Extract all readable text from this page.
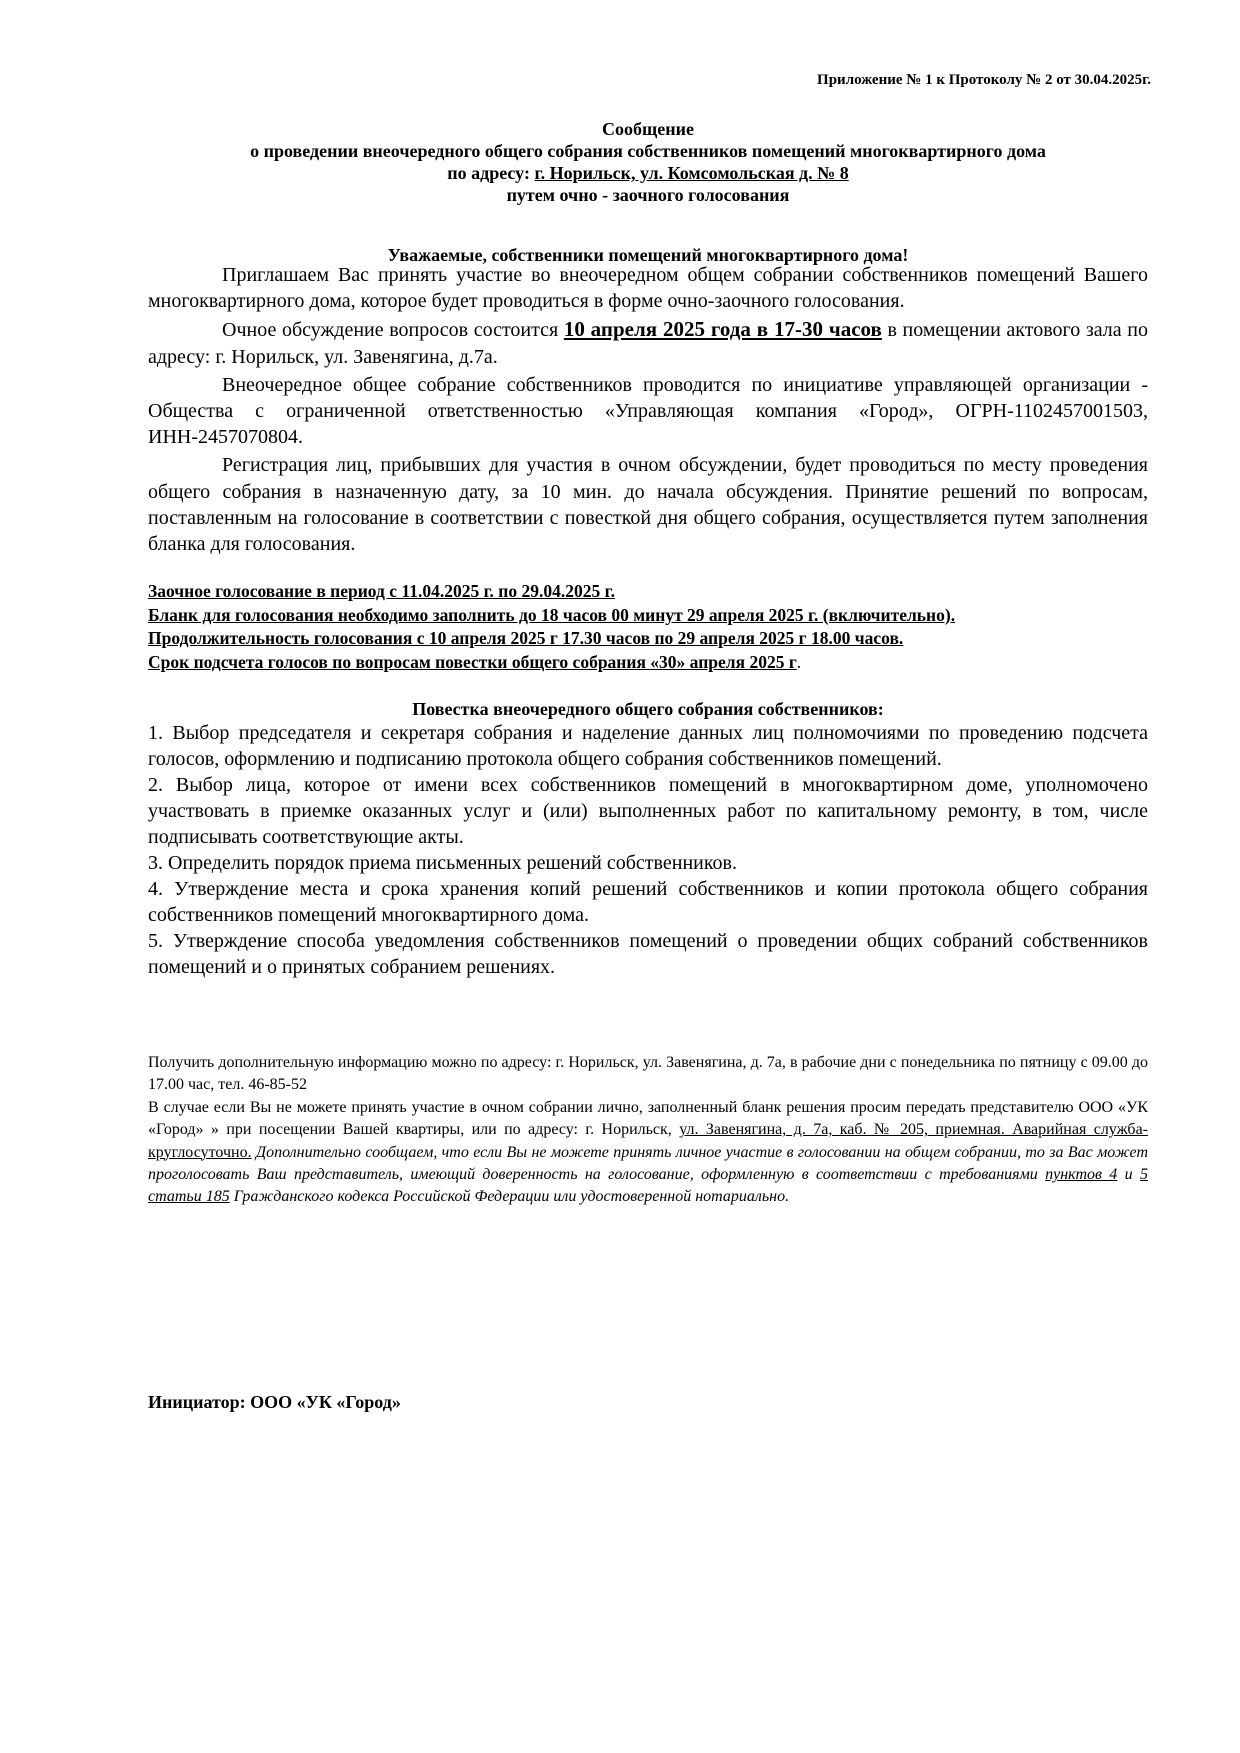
Приложение № 1 к Протоколу № 2 от 30.04.2025г.
Сообщение
о проведении внеочередного общего собрания собственников помещений многоквартирного дома
по адресу: г. Норильск, ул. Комсомольская д. № 8
путем очно - заочного голосования
Уважаемые, собственники помещений многоквартирного дома!

Приглашаем Вас принять участие во внеочередном общем собрании собственников помещений Вашего многоквартирного дома, которое будет проводиться в форме очно-заочного голосования.

Очное обсуждение вопросов состоится 10 апреля 2025 года в 17-30 часов в помещении актового зала по адресу: г. Норильск, ул. Завенягина, д.7а.

Внеочередное общее собрание собственников проводится по инициативе управляющей организации - Общества с ограниченной ответственностью «Управляющая компания «Город», ОГРН-1102457001503, ИНН-2457070804.

Регистрация лиц, прибывших для участия в очном обсуждении, будет проводиться по месту проведения общего собрания в назначенную дату, за 10 мин. до начала обсуждения. Принятие решений по вопросам, поставленным на голосование в соответствии с повесткой дня общего собрания, осуществляется путем заполнения бланка для голосования.

Заочное голосование в период с 11.04.2025 г. по 29.04.2025 г.
Бланк для голосования необходимо заполнить до 18 часов 00 минут 29 апреля 2025 г. (включительно).
Продолжительность голосования с 10 апреля 2025 г 17.30 часов по 29 апреля 2025 г 18.00 часов.
Срок подсчета голосов по вопросам повестки общего собрания «30» апреля 2025 г.
Повестка внеочередного общего собрания собственников:

1. Выбор председателя и секретаря собрания и наделение данных лиц полномочиями по проведению подсчета голосов, оформлению и подписанию протокола общего собрания собственников помещений.

2. Выбор лица, которое от имени всех собственников помещений в многоквартирном доме, уполномочено участвовать в приемке оказанных услуг и (или) выполненных работ по капитальному ремонту, в том, числе подписывать соответствующие акты.

3. Определить порядок приема письменных решений собственников.

4. Утверждение места и срока хранения копий решений собственников и копии протокола общего собрания собственников помещений многоквартирного дома.

5. Утверждение способа уведомления собственников помещений о проведении общих собраний собственников помещений и о принятых собранием решениях.

Получить дополнительную информацию можно по адресу: г. Норильск, ул. Завенягина, д. 7а, в рабочие дни с понедельника по пятницу с 09.00 до 17.00 час, тел. 46-85-52

В случае если Вы не можете принять участие в очном собрании лично, заполненный бланк решения просим передать представителю ООО «УК «Город» » при посещении Вашей квартиры, или по адресу: г. Норильск, ул. Завенягина, д. 7а, каб. № 205, приемная. Аварийная служба- круглосуточно. Дополнительно сообщаем, что если Вы не можете принять личное участие в голосовании на общем собрании, то за Вас может проголосовать Ваш представитель, имеющий доверенность на голосование, оформленную в соответствии с требованиями пунктов 4 и 5 статьи 185 Гражданского кодекса Российской Федерации или удостоверенной нотариально.

Инициатор: ООО «УК «Город»
